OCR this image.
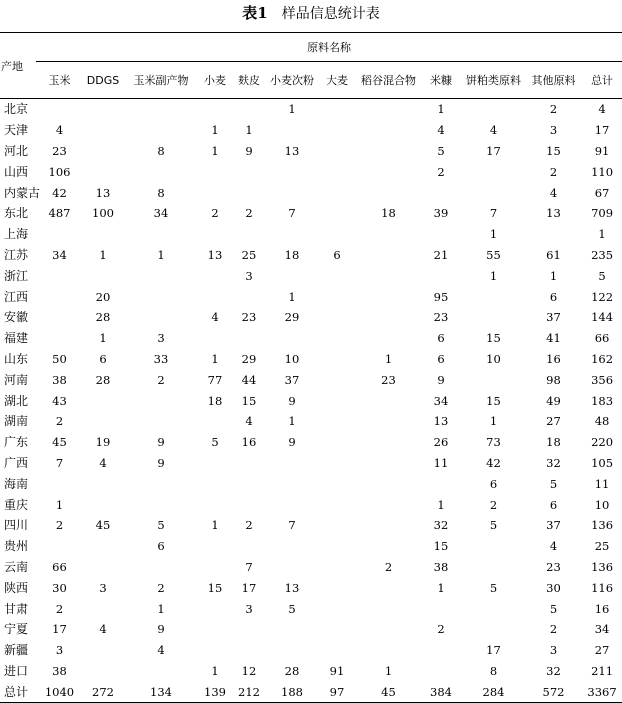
表1 样品信息统计表
产地	原料名称											
	玉米	DDGS	玉米副产物	小麦	麸皮	小麦次粉	大麦	稻谷混合物	米糠	饼粕类原料	其他原料	总计
北京						1			1		2	4
天津	4			1	1				4	4	3	17
河北	23		8	1	9	13			5	17	15	91
山西	106								2		2	110
内蒙古	42	13	8								4	67
东北	487	100	34	2	2	7		18	39	7	13	709
上海										1		1
江苏	34	1	1	13	25	18	6		21	55	61	235
浙江					3					1	1	5
江西		20				1			95		6	122
安徽		28		4	23	29			23		37	144
福建		1	3						6	15	41	66
山东	50	6	33	1	29	10		1	6	10	16	162
河南	38	28	2	77	44	37		23	9		98	356
湖北	43			18	15	9			34	15	49	183
湖南	2				4	1			13	1	27	48
广东	45	19	9	5	16	9			26	73	18	220
广西	7	4	9						11	42	32	105
海南										6	5	11
重庆	1								1	2	6	10
四川	2	45	5	1	2	7			32	5	37	136
贵州			6						15		4	25
云南	66				7			2	38		23	136
陕西	30	3	2	15	17	13			1	5	30	116
甘肃	2		1		3	5					5	16
宁夏	17	4	9						2		2	34
新疆	3		4							17	3	27
进口	38			1	12	28	91	1		8	32	211
总计	1040	272	134	139	212	188	97	45	384	284	572	3367
